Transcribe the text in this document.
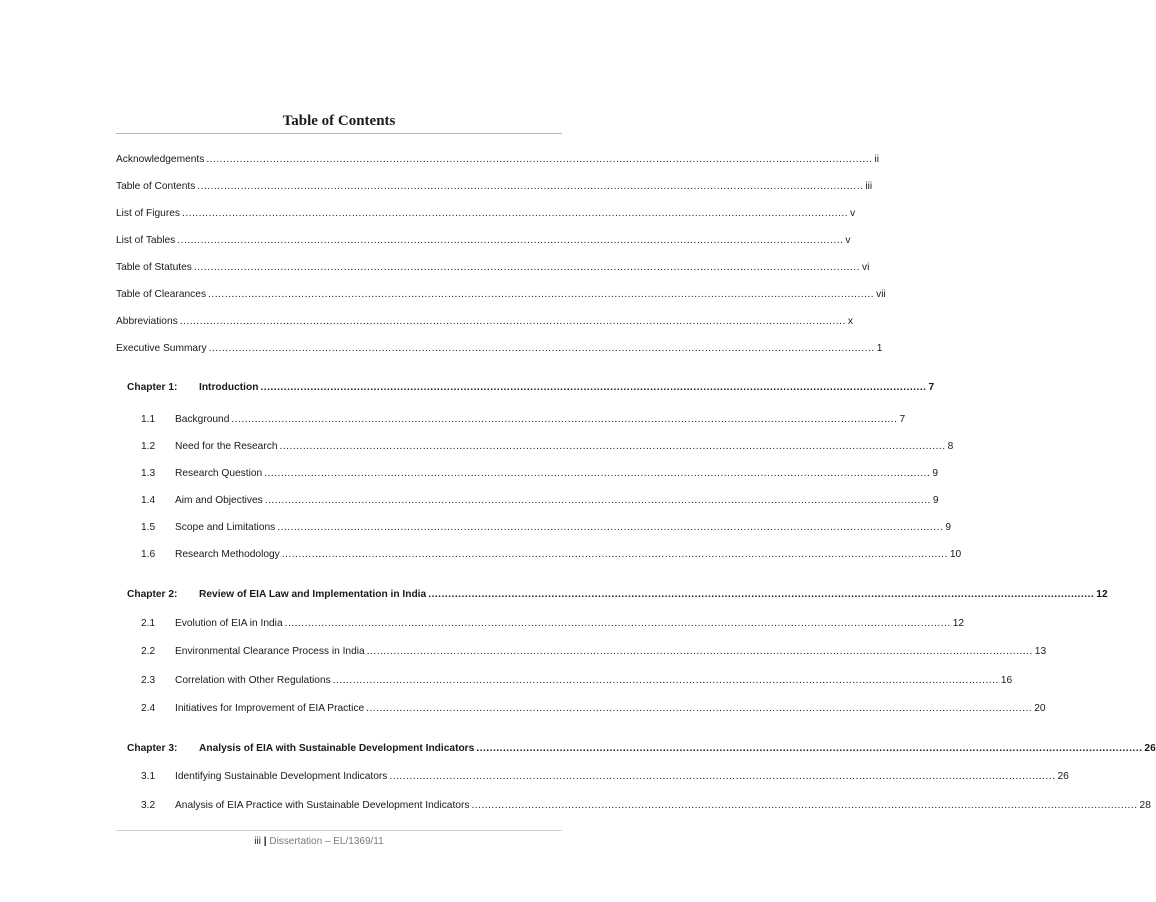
Table of Contents
Acknowledgements ........................................................................................................................................................................................................ ii
Table of Contents ........................................................................................................................................................................................................ iii
List of Figures ........................................................................................................................................................................................................ v
List of Tables ........................................................................................................................................................................................................ v
Table of Statutes ........................................................................................................................................................................................................ vi
Table of Clearances ........................................................................................................................................................................................................ vii
Abbreviations ........................................................................................................................................................................................................ x
Executive Summary ........................................................................................................................................................................................................ 1
Chapter 1:	Introduction ........................................................................................................................................................................................................ 7
1.1	Background ........................................................................................................................................................................................................ 7
1.2	Need for the Research ........................................................................................................................................................................................................ 8
1.3	Research Question ........................................................................................................................................................................................................ 9
1.4	Aim and Objectives ........................................................................................................................................................................................................ 9
1.5	Scope and Limitations ........................................................................................................................................................................................................ 9
1.6	Research Methodology ........................................................................................................................................................................................................ 10
Chapter 2:	Review of EIA Law and Implementation in India ........................................................................................................................................................................................................ 12
2.1	Evolution of EIA in India ........................................................................................................................................................................................................ 12
2.2	Environmental Clearance Process in India ........................................................................................................................................................................................................ 13
2.3	Correlation with Other Regulations ........................................................................................................................................................................................................ 16
2.4	Initiatives for Improvement of EIA Practice ........................................................................................................................................................................................................ 20
Chapter 3:	Analysis of EIA with Sustainable Development Indicators ........................................................................................................................................................................................................ 26
3.1	Identifying Sustainable Development Indicators ........................................................................................................................................................................................................ 26
3.2	Analysis of EIA Practice with Sustainable Development Indicators ........................................................................................................................................................................................................ 28
iii | Dissertation – EL/1369/11
